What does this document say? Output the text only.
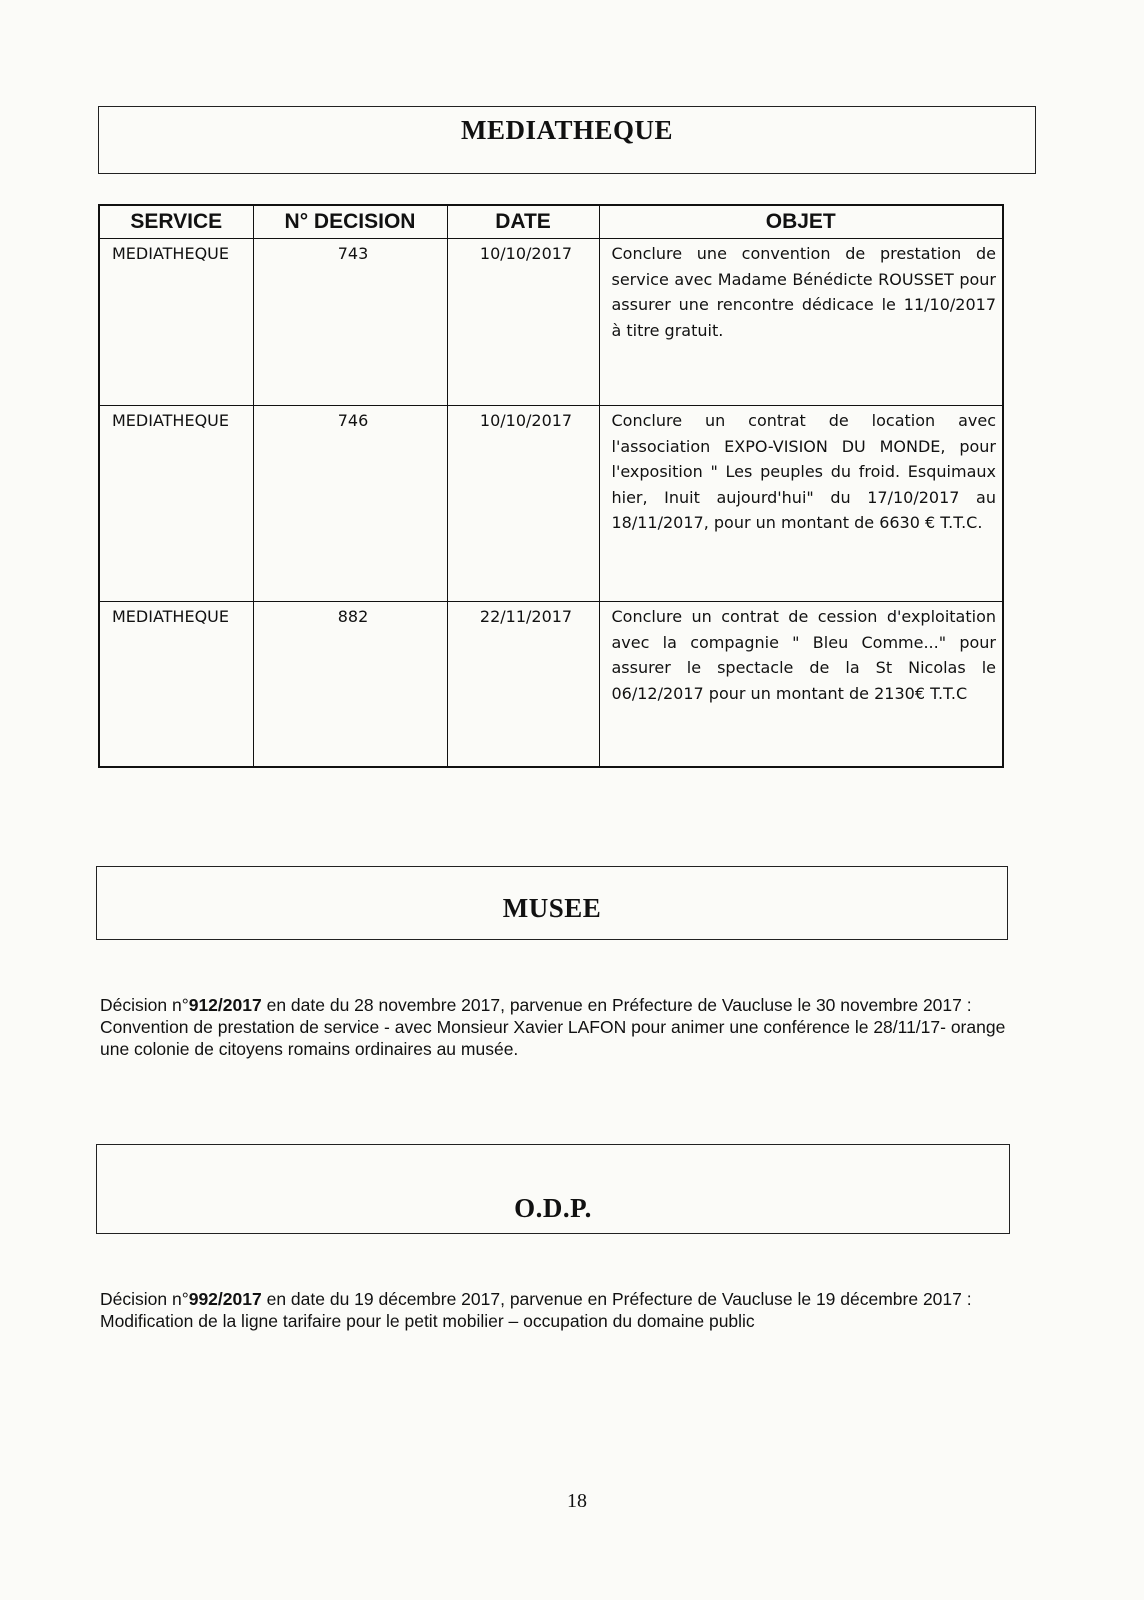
MEDIATHEQUE
SERVICE	N° DECISION	DATE	OBJET
MEDIATHEQUE	743	10/10/2017	Conclure une convention de prestation de service avec Madame Bénédicte ROUSSET pour assurer une rencontre dédicace le 11/10/2017 à titre gratuit.
MEDIATHEQUE	746	10/10/2017	Conclure un contrat de location avec l'association EXPO-VISION DU MONDE, pour l'exposition " Les peuples du froid. Esquimaux hier, Inuit aujourd'hui" du 17/10/2017 au 18/11/2017, pour un montant de 6630 € T.T.C.
MEDIATHEQUE	882	22/11/2017	Conclure un contrat de cession d'exploitation avec la compagnie " Bleu Comme..." pour assurer le spectacle de la St Nicolas le 06/12/2017 pour un montant de 2130€ T.T.C
MUSEE
Décision n°912/2017 en date du 28 novembre 2017, parvenue en Préfecture de Vaucluse le 30 novembre 2017 :
Convention de prestation de service - avec Monsieur Xavier LAFON pour animer une conférence le 28/11/17- orange une colonie de citoyens romains ordinaires au musée.
O.D.P.
Décision n°992/2017 en date du 19 décembre 2017, parvenue en Préfecture de Vaucluse le 19 décembre 2017 :
Modification de la ligne tarifaire pour le petit mobilier – occupation du domaine public
18
